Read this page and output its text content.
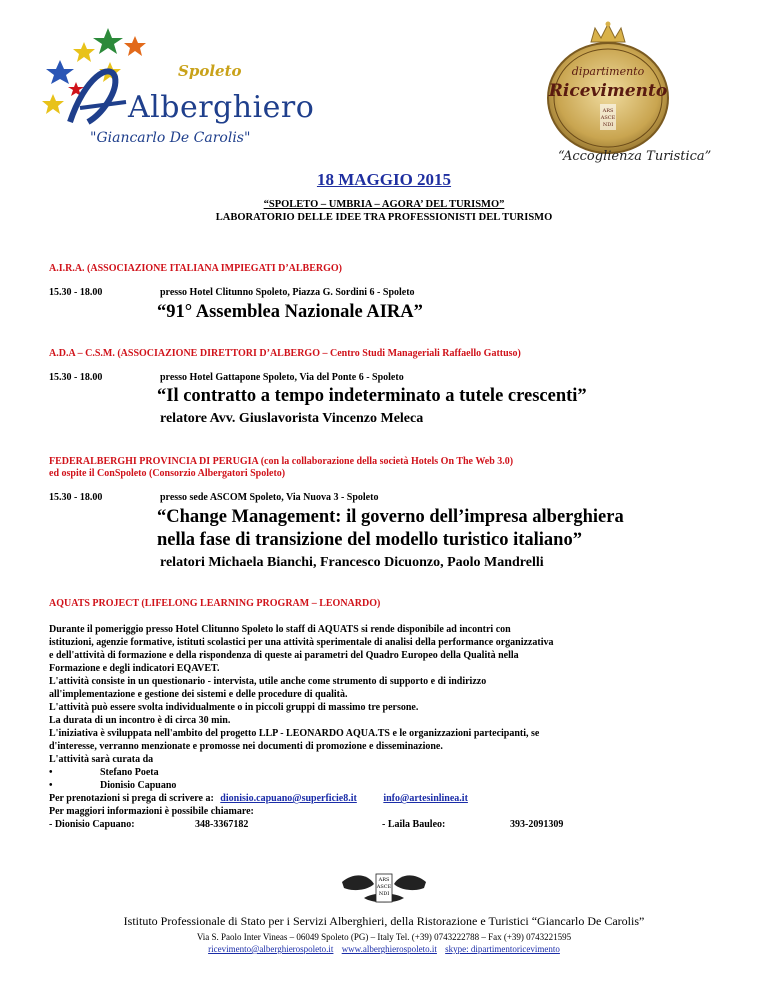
Spoleto
Alberghiero
"Giancarlo De Carolis"
dipartimento
Ricevimento
ARS
ASCE
NDI
“Accoglienza Turistica”
18 MAGGIO 2015
“SPOLETO – UMBRIA – AGORA’ DEL TURISMO”
LABORATORIO DELLE IDEE TRA PROFESSIONISTI DEL TURISMO
A.I.R.A. (ASSOCIAZIONE ITALIANA IMPIEGATI D’ALBERGO)
15.30 - 18.00	presso Hotel Clitunno Spoleto, Piazza G. Sordini 6 - Spoleto
“91° Assemblea Nazionale AIRA”
A.D.A – C.S.M. (ASSOCIAZIONE DIRETTORI D’ALBERGO – Centro Studi Manageriali Raffaello Gattuso)
15.30 - 18.00	presso Hotel Gattapone Spoleto, Via del Ponte 6 - Spoleto
“Il contratto a tempo indeterminato a tutele crescenti”
relatore Avv. Giuslavorista Vincenzo Meleca
FEDERALBERGHI PROVINCIA DI PERUGIA (con la collaborazione della società Hotels On The Web 3.0)
ed ospite il ConSpoleto (Consorzio Albergatori Spoleto)
15.30 - 18.00	presso sede ASCOM Spoleto, Via Nuova 3 - Spoleto
“Change Management: il governo dell’impresa alberghiera
nella fase di transizione del modello turistico italiano”
relatori Michaela Bianchi, Francesco Dicuonzo, Paolo Mandrelli
AQUATS PROJECT (LIFELONG LEARNING PROGRAM – LEONARDO)
Durante il pomeriggio presso Hotel Clitunno Spoleto lo staff di AQUATS si rende disponibile ad incontri con
istituzioni, agenzie formative, istituti scolastici per una attività sperimentale di analisi della performance organizzativa
e dell'attività di formazione e della rispondenza di queste ai parametri del Quadro Europeo della Qualità nella
Formazione e degli indicatori EQAVET.
L'attività consiste in un questionario - intervista, utile anche come strumento di supporto e di indirizzo
all'implementazione e gestione dei sistemi e delle procedure di qualità.
L'attività può essere svolta individualmente o in piccoli gruppi di massimo tre persone.
La durata di un incontro è di circa 30 min.
L'iniziativa è sviluppata nell'ambito del progetto LLP - LEONARDO AQUA.TS e le organizzazioni partecipanti, se
d'interesse, verranno menzionate e promosse nei documenti di promozione e disseminazione.
L'attività sarà curata da
•	Stefano Poeta
•	Dionisio Capuano
Per prenotazioni si prega di scrivere a: dionisio.capuano@superficie8.it	info@artesinlinea.it
Per maggiori informazioni è possibile chiamare:
- Dionisio Capuano:	348-3367182	- Laila Bauleo:	393-2091309
ARS
ASCE
NDI
Istituto Professionale di Stato per i Servizi Alberghieri, della Ristorazione e Turistici “Giancarlo De Carolis”
Via S. Paolo Inter Vineas – 06049 Spoleto (PG) – Italy Tel. (+39) 0743222788 – Fax (+39) 0743221595
ricevimento@alberghierospoleto.it www.alberghierospoleto.it skype: dipartimentoricevimento
